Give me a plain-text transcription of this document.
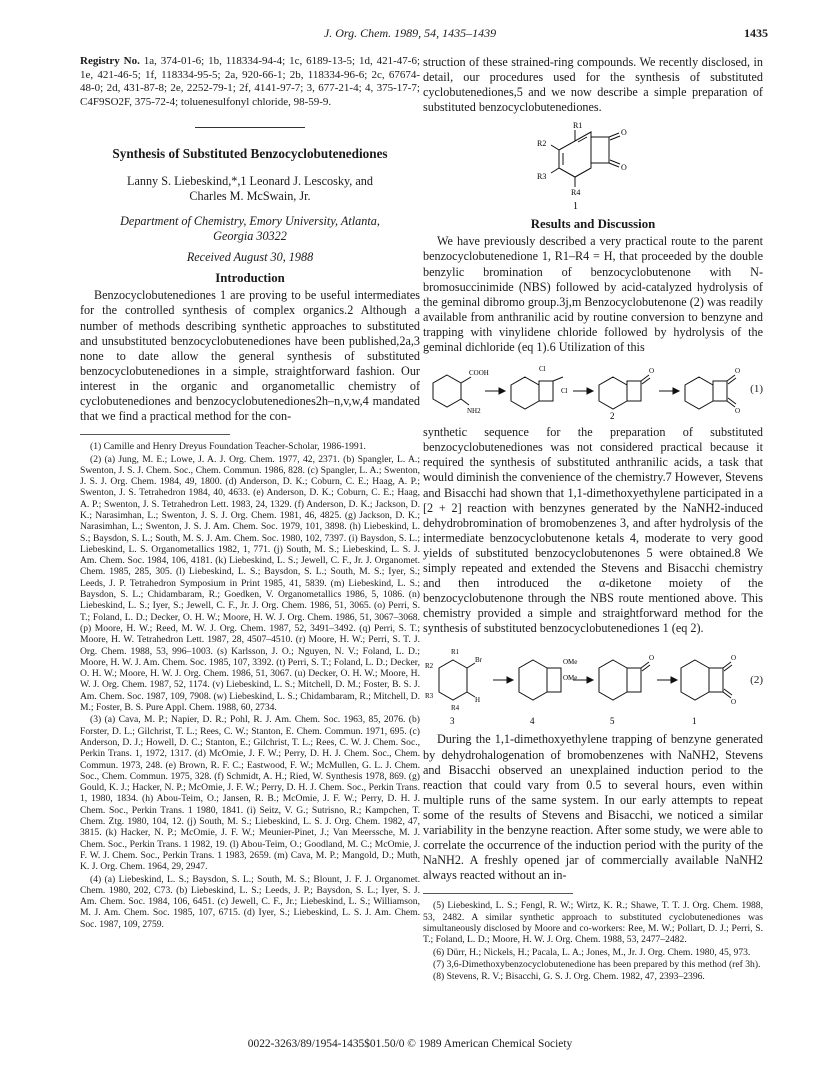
J. Org. Chem. 1989, 54, 1435–1439	1435

Registry No. 1a, 374-01-6; 1b, 118334-94-4; 1c, 6189-13-5; 1d, 421-47-6; 1e, 421-46-5; 1f, 118334-95-5; 2a, 920-66-1; 2b, 118334-96-6; 2c, 67674-48-0; 2d, 431-87-8; 2e, 2252-79-1; 2f, 4141-97-7; 3, 677-21-4; 4, 375-17-7; C4F9SO2F, 375-72-4; toluenesulfonyl chloride, 98-59-9.

Synthesis of Substituted Benzocyclobutenediones
Lanny S. Liebeskind,*,1 Leonard J. Lescosky, and
Charles M. McSwain, Jr.
Department of Chemistry, Emory University, Atlanta,
Georgia 30322
Received August 30, 1988
Introduction

Benzocyclobutenediones 1 are proving to be useful intermediates for the controlled synthesis of complex organics.2 Although a number of methods describing synthetic approaches to substituted and unsubstituted benzocyclobutenediones have been published,2a,3 none to date allow the general synthesis of substituted benzocyclobutenediones in a simple, straightforward fashion. Our interest in the organic and organometallic chemistry of cyclobutenediones and benzocyclobutenediones2h–n,v,w,4 mandated that we find a practical method for the con-

(1) Camille and Henry Dreyus Foundation Teacher-Scholar, 1986-1991.

(2) (a) Jung, M. E.; Lowe, J. A. J. Org. Chem. 1977, 42, 2371. (b) Spangler, L. A.; Swenton, J. S. J. Chem. Soc., Chem. Commun. 1986, 828. (c) Spangler, L. A.; Swenton, J. S. J. Org. Chem. 1984, 49, 1800. (d) Anderson, D. K.; Coburn, C. E.; Haag, A. P.; Swenton, J. S. Tetrahedron 1984, 40, 4633. (e) Anderson, D. K.; Coburn, C. E.; Haag, A. P.; Swenton, J. S. Tetrahedron Lett. 1983, 24, 1329. (f) Anderson, D. K.; Jackson, D. K.; Narasimhan, L.; Swenton, J. S. J. Org. Chem. 1981, 46, 4825. (g) Jackson, D. K.; Narasimhan, L.; Swenton, J. S. J. Am. Chem. Soc. 1979, 101, 3898. (h) Liebeskind, L. S.; Baysdon, S. L.; South, M. S. J. Am. Chem. Soc. 1980, 102, 7397. (i) Baysdon, S. L.; Liebeskind, L. S. Organometallics 1982, 1, 771. (j) South, M. S.; Liebeskind, L. S. J. Am. Chem. Soc. 1984, 106, 4181. (k) Liebeskind, L. S.; Jewell, C. F., Jr. J. Organomet. Chem. 1985, 285, 305. (l) Liebeskind, L. S.; Baysdon, S. L.; South, M. S.; Iyer, S.; Leeds, J. P. Tetrahedron Symposium in Print 1985, 41, 5839. (m) Liebeskind, L. S.; Baysdon, S. L.; Chidambaram, R.; Goedken, V. Organometallics 1986, 5, 1086. (n) Liebeskind, L. S.; Iyer, S.; Jewell, C. F., Jr. J. Org. Chem. 1986, 51, 3065. (o) Perri, S. T.; Foland, L. D.; Decker, O. H. W.; Moore, H. W. J. Org. Chem. 1986, 51, 3067–3068. (p) Moore, H. W.; Reed, M. W. J. Org. Chem. 1987, 52, 3491–3492. (q) Perri, S. T.; Moore, H. W. Tetrahedron Lett. 1987, 28, 4507–4510. (r) Moore, H. W.; Perri, S. T. J. Org. Chem. 1988, 53, 996–1003. (s) Karlsson, J. O.; Nguyen, N. V.; Foland, L. D.; Moore, H. W. J. Am. Chem. Soc. 1985, 107, 3392. (t) Perri, S. T.; Foland, L. D.; Decker, O. H. W.; Moore, H. W. J. Org. Chem. 1986, 51, 3067. (u) Decker, O. H. W.; Moore, H. W. J. Org. Chem. 1987, 52, 1174. (v) Liebeskind, L. S.; Mitchell, D. M.; Foster, B. S. J. Am. Chem. Soc. 1987, 109, 7908. (w) Liebeskind, L. S.; Chidambaram, R.; Mitchell, D. M.; Foster, B. S. Pure Appl. Chem. 1988, 60, 2734.

(3) (a) Cava, M. P.; Napier, D. R.; Pohl, R. J. Am. Chem. Soc. 1963, 85, 2076. (b) Forster, D. L.; Gilchrist, T. L.; Rees, C. W.; Stanton, E. Chem. Commun. 1971, 695. (c) Anderson, D. J.; Howell, D. C.; Stanton, E.; Gilchrist, T. L.; Rees, C. W. J. Chem. Soc., Perkin Trans. 1, 1972, 1317. (d) McOmie, J. F. W.; Perry, D. H. J. Chem. Soc., Chem. Commun. 1973, 248. (e) Brown, R. F. C.; Eastwood, F. W.; McMullen, G. L. J. Chem. Soc., Chem. Commun. 1975, 328. (f) Schmidt, A. H.; Ried, W. Synthesis 1978, 869. (g) Gould, K. J.; Hacker, N. P.; McOmie, J. F. W.; Perry, D. H. J. Chem. Soc., Perkin Trans. 1, 1980, 1834. (h) Abou-Teim, O.; Jansen, R. B.; McOmie, J. F. W.; Perry, D. H. J. Chem. Soc., Perkin Trans. 1 1980, 1841. (i) Seitz, V. G.; Sutrisno, R.; Kampchen, T. Chem. Ztg. 1980, 104, 12. (j) South, M. S.; Liebeskind, L. S. J. Org. Chem. 1982, 47, 3815. (k) Hacker, N. P.; McOmie, J. F. W.; Meunier-Pinet, J.; Van Meerssche, M. J. Chem. Soc., Perkin Trans. 1 1982, 19. (l) Abou-Teim, O.; Goodland, M. C.; McOmie, J. F. W. J. Chem. Soc., Perkin Trans. 1 1983, 2659. (m) Cava, M. P.; Mangold, D.; Muth, K. J. Org. Chem. 1964, 29, 2947.

(4) (a) Liebeskind, L. S.; Baysdon, S. L.; South, M. S.; Blount, J. F. J. Organomet. Chem. 1980, 202, C73. (b) Liebeskind, L. S.; Leeds, J. P.; Baysdon, S. L.; Iyer, S. J. Am. Chem. Soc. 1984, 106, 6451. (c) Jewell, C. F., Jr.; Liebeskind, L. S.; Williamson, M. J. Am. Chem. Soc. 1985, 107, 6715. (d) Iyer, S.; Liebeskind, L. S. J. Am. Chem. Soc. 1987, 109, 2759.

struction of these strained-ring compounds. We recently disclosed, in detail, our procedures used for the synthesis of substituted cyclobutenediones,5 and we now describe a simple preparation of substituted benzocyclobutenediones.

R1
R2
R3
R4
O
O
1
Results and Discussion

We have previously described a very practical route to the parent benzocyclobutenedione 1, R1–R4 = H, that proceeded by the double benzylic bromination of benzocyclobutenone with N-bromosuccinimide (NBS) followed by acid-catalyzed hydrolysis of the geminal dibromo group.3j,m Benzocyclobutenone (2) was readily available from anthranilic acid by routine conversion to benzyne and trapping with vinylidene chloride followed by hydrolysis of the geminal dichloride (eq 1).6 Utilization of this

COOH
NH2
Cl
Cl
O	O
O
2
(1)

synthetic sequence for the preparation of substituted benzocyclobutenediones was not considered practical because it required the synthesis of substituted anthranilic acids, a task that would diminish the convenience of the chemistry.7 However, Stevens and Bisacchi had shown that 1,1-dimethoxyethylene participated in a [2 + 2] reaction with benzynes generated by the NaNH2-induced dehydrobromination of bromobenzenes 3, and after hydrolysis of the intermediate benzocyclobutenone ketals 4, moderate to very good yields of substituted benzocyclobutenones 5 were obtained.8 We simply repeated and extended the Stevens and Bisacchi chemistry and then introduced the α-diketone moiety of the benzocyclobutenone through the NBS route mentioned above. This chemistry provided a simple and straightforward method for the synthesis of substituted benzocyclobutenediones 1 (eq 2).

Br
H
OMe
OMe
O	O
O
R1
R2
R3
R4
3	4	5	1
(2)

During the 1,1-dimethoxyethylene trapping of benzyne generated by dehydrohalogenation of bromobenzenes with NaNH2, Stevens and Bisacchi observed an unexplained induction period to the reaction that could vary from 0.5 to several hours, even within multiple runs of the same system. In our early attempts to repeat some of the results of Stevens and Bisacchi, we noticed a similar variability in the benzyne reaction. After some study, we were able to correlate the occurrence of the induction period with the purity of the NaNH2. A freshly opened jar of commercially available NaNH2 always reacted without an in-

(5) Liebeskind, L. S.; Fengl, R. W.; Wirtz, K. R.; Shawe, T. T. J. Org. Chem. 1988, 53, 2482. A similar synthetic approach to substituted cyclobutenediones was simultaneously disclosed by Moore and co-workers: Ree, M. W.; Pollart, D. J.; Perri, S. T.; Foland, L. D.; Moore, H. W. J. Org. Chem. 1988, 53, 2477–2482.

(6) Dürr, H.; Nickels, H.; Pacala, L. A.; Jones, M., Jr. J. Org. Chem. 1980, 45, 973.

(7) 3,6-Dimethoxybenzocyclobutenedione has been prepared by this method (ref 3h).

(8) Stevens, R. V.; Bisacchi, G. S. J. Org. Chem. 1982, 47, 2393–2396.

0022-3263/89/1954-1435$01.50/0 © 1989 American Chemical Society
